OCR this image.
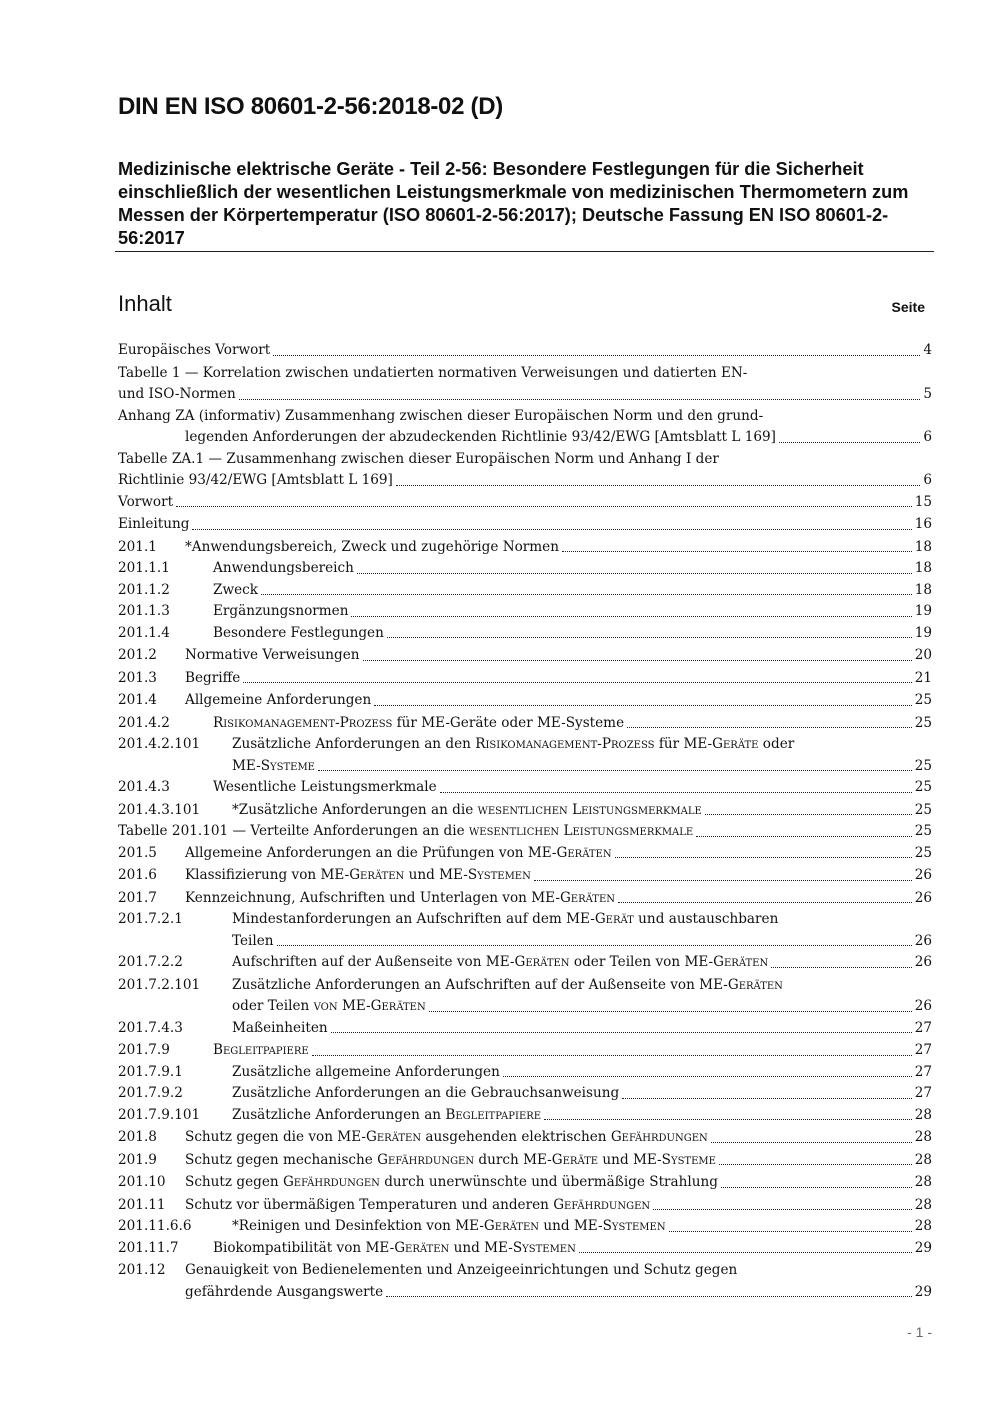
DIN EN ISO 80601-2-56:2018-02 (D)
Medizinische elektrische Geräte - Teil 2-56: Besondere Festlegungen für die Sicherheit einschließlich der wesentlichen Leistungsmerkmale von medizinischen Thermometern zum Messen der Körpertemperatur (ISO 80601-2-56:2017); Deutsche Fassung EN ISO 80601-2-56:2017
Inhalt	Seite
Europäisches Vorwort	4
Tabelle 1 — Korrelation zwischen undatierten normativen Verweisungen und datierten EN-
und ISO-Normen	5
Anhang ZA (informativ) Zusammenhang zwischen dieser Europäischen Norm und den grund-
legenden Anforderungen der abzudeckenden Richtlinie 93/42/EWG [Amtsblatt L 169]	6
Tabelle ZA.1 — Zusammenhang zwischen dieser Europäischen Norm und Anhang I der
Richtlinie 93/42/EWG [Amtsblatt L 169]	6
Vorwort	15
Einleitung	16
201.1	*Anwendungsbereich, Zweck und zugehörige Normen	18
201.1.1	Anwendungsbereich	18
201.1.2	Zweck	18
201.1.3	Ergänzungsnormen	19
201.1.4	Besondere Festlegungen	19
201.2	Normative Verweisungen	20
201.3	Begriffe	21
201.4	Allgemeine Anforderungen	25
201.4.2	Risikomanagement-Prozess für ME-Geräte oder ME-Systeme	25
201.4.2.101 Zusätzliche Anforderungen an den Risikomanagement-Prozess für ME-Geräte oder
ME-Systeme	25
201.4.3	Wesentliche Leistungsmerkmale	25
201.4.3.101	*Zusätzliche Anforderungen an die wesentlichen Leistungsmerkmale	25
Tabelle 201.101 — Verteilte Anforderungen an die wesentlichen Leistungsmerkmale	25
201.5	Allgemeine Anforderungen an die Prüfungen von ME-Geräten	25
201.6	Klassifizierung von ME-Geräten und ME-Systemen	26
201.7	Kennzeichnung, Aufschriften und Unterlagen von ME-Geräten	26
201.7.2.1	Mindestanforderungen an Aufschriften auf dem ME-Gerät und austauschbaren
Teilen	26
201.7.2.2	Aufschriften auf der Außenseite von ME-Geräten oder Teilen von ME-Geräten	26
201.7.2.101 Zusätzliche Anforderungen an Aufschriften auf der Außenseite von ME-Geräten
oder Teilen von ME-Geräten	26
201.7.4.3	Maßeinheiten	27
201.7.9	Begleitpapiere	27
201.7.9.1	Zusätzliche allgemeine Anforderungen	27
201.7.9.2	Zusätzliche Anforderungen an die Gebrauchsanweisung	27
201.7.9.101	Zusätzliche Anforderungen an Begleitpapiere	28
201.8	Schutz gegen die von ME-Geräten ausgehenden elektrischen Gefährdungen	28
201.9	Schutz gegen mechanische Gefährdungen durch ME-Geräte und ME-Systeme	28
201.10	Schutz gegen Gefährdungen durch unerwünschte und übermäßige Strahlung	28
201.11	Schutz vor übermäßigen Temperaturen und anderen Gefährdungen	28
201.11.6.6	*Reinigen und Desinfektion von ME-Geräten und ME-Systemen	28
201.11.7	Biokompatibilität von ME-Geräten und ME-Systemen	29
201.12 Genauigkeit von Bedienelementen und Anzeigeeinrichtungen und Schutz gegen
gefährdende Ausgangswerte	29
- 1 -
